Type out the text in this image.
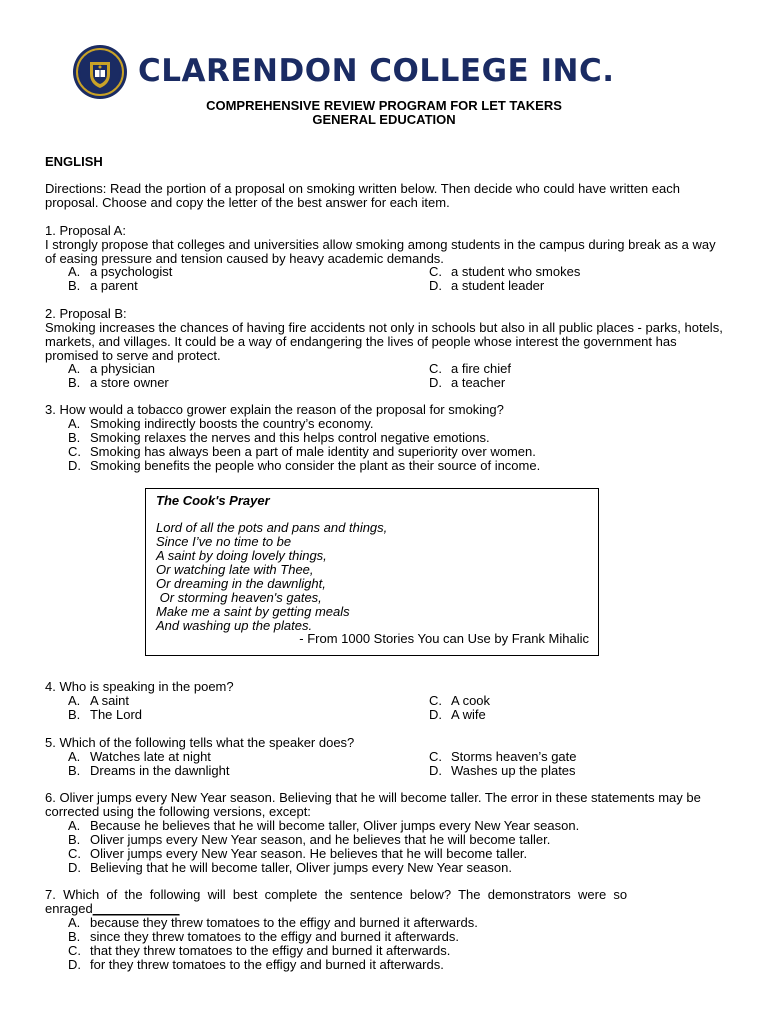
CLARENDON COLLEGE INC.
COMPREHENSIVE REVIEW PROGRAM FOR LET TAKERS
GENERAL EDUCATION
ENGLISH
Directions: Read the portion of a proposal on smoking written below. Then decide who could have written each proposal. Choose and copy the letter of the best answer for each item.
1. Proposal A:
I strongly propose that colleges and universities allow smoking among students in the campus during break as a way of easing pressure and tension caused by heavy academic demands.
A. a psychologist	C. a student who smokes
B. a parent	D. a student leader
2. Proposal B:
Smoking increases the chances of having fire accidents not only in schools but also in all public places - parks, hotels, markets, and villages. It could be a way of endangering the lives of people whose interest the government has promised to serve and protect.
A. a physician	C. a fire chief
B. a store owner	D. a teacher
3. How would a tobacco grower explain the reason of the proposal for smoking?
A. Smoking indirectly boosts the country’s economy.
B. Smoking relaxes the nerves and this helps control negative emotions.
C. Smoking has always been a part of male identity and superiority over women.
D. Smoking benefits the people who consider the plant as their source of income.
The Cook's Prayer
Lord of all the pots and pans and things,
Since I’ve no time to be
A saint by doing lovely things,
Or watching late with Thee,
Or dreaming in the dawnlight,
Or storming heaven's gates,
Make me a saint by getting meals
And washing up the plates.
- From 1000 Stories You can Use by Frank Mihalic
4. Who is speaking in the poem?
A. A saint	C. A cook
B. The Lord	D. A wife
5. Which of the following tells what the speaker does?
A. Watches late at night	C. Storms heaven’s gate
B. Dreams in the dawnlight	D. Washes up the plates
6. Oliver jumps every New Year season. Believing that he will become taller. The error in these statements may be corrected using the following versions, except:
A. Because he believes that he will become taller, Oliver jumps every New Year season.
B. Oliver jumps every New Year season, and he believes that he will become taller.
C. Oliver jumps every New Year season. He believes that he will become taller.
D. Believing that he will become taller, Oliver jumps every New Year season.
7.  Which  of  the  following  will  best  complete  the  sentence  below?  The  demonstrators  were  so
enraged____________
A. because they threw tomatoes to the effigy and burned it afterwards.
B. since they threw tomatoes to the effigy and burned it afterwards.
C. that they threw tomatoes to the effigy and burned it afterwards.
D. for they threw tomatoes to the effigy and burned it afterwards.
